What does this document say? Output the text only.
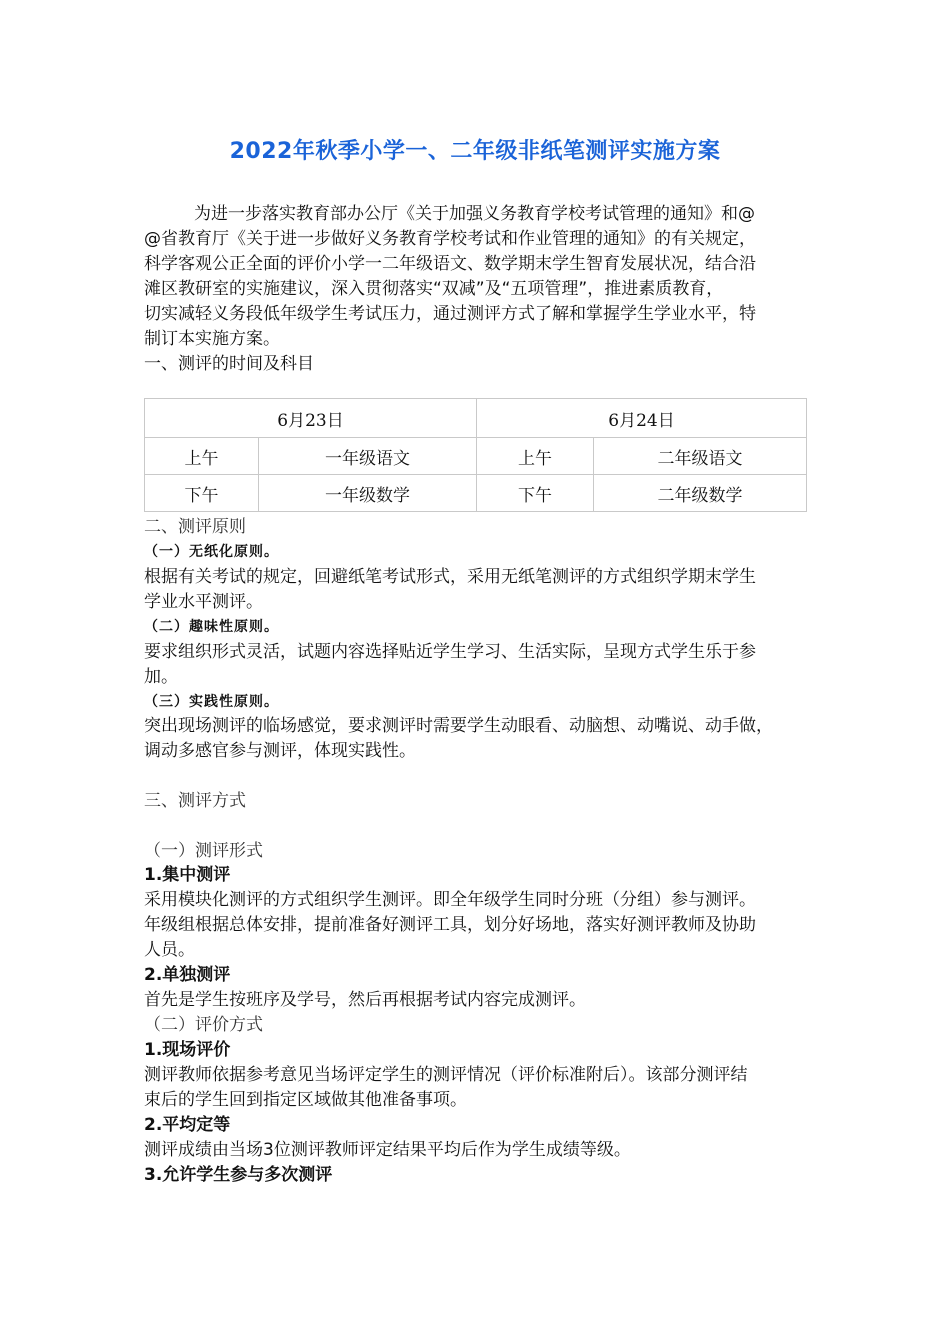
2022年秋季小学一、二年级非纸笔测评实施方案
为进一步落实教育部办公厅《关于加强义务教育学校考试管理的通知》和@
@省教育厅《关于进一步做好义务教育学校考试和作业管理的通知》的有关规定，
科学客观公正全面的评价小学一二年级语文、数学期末学生智育发展状况，结合沿
滩区教研室的实施建议，深入贯彻落实“双减”及“五项管理”，推进素质教育，
切实减轻义务段低年级学生考试压力，通过测评方式了解和掌握学生学业水平，特
制订本实施方案。
一、测评的时间及科目
6月23日		6月24日	
上午	一年级语文	上午	二年级语文
下午	一年级数学	下午	二年级数学
二、测评原则
（一）无纸化原则。
根据有关考试的规定，回避纸笔考试形式，采用无纸笔测评的方式组织学期末学生
学业水平测评。
（二）趣味性原则。
要求组织形式灵活，试题内容选择贴近学生学习、生活实际，呈现方式学生乐于参
加。
（三）实践性原则。
突出现场测评的临场感觉，要求测评时需要学生动眼看、动脑想、动嘴说、动手做，
调动多感官参与测评，体现实践性。
三、测评方式
（一）测评形式
1.集中测评
采用模块化测评的方式组织学生测评。即全年级学生同时分班（分组）参与测评。
年级组根据总体安排，提前准备好测评工具，划分好场地，落实好测评教师及协助
人员。
2.单独测评
首先是学生按班序及学号，然后再根据考试内容完成测评。
（二）评价方式
1.现场评价
测评教师依据参考意见当场评定学生的测评情况（评价标准附后）。该部分测评结
束后的学生回到指定区域做其他准备事项。
2.平均定等
测评成绩由当场3位测评教师评定结果平均后作为学生成绩等级。
3.允许学生参与多次测评
